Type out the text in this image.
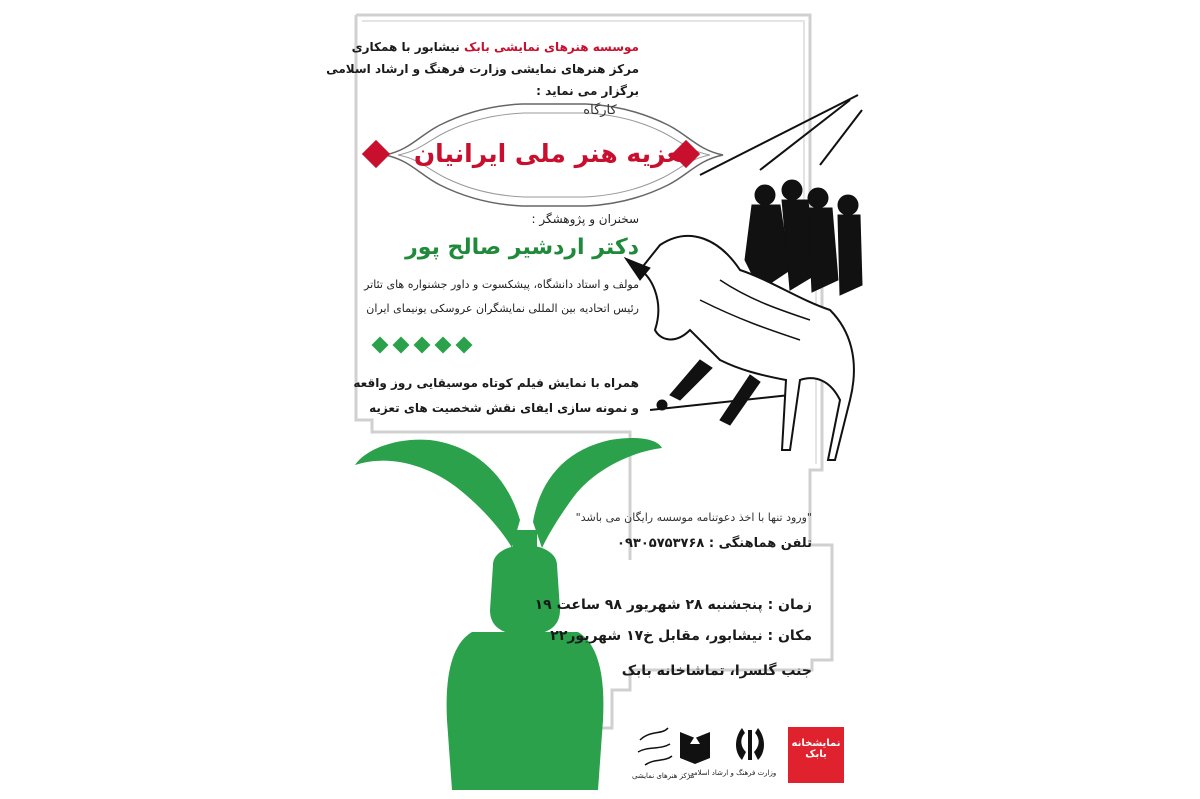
موسسه هنرهای نمایشی بابک نیشابور با همکاری
مرکز هنرهای نمایشی وزارت فرهنگ و ارشاد اسلامی
برگزار می نماید :
کارگاه
تعزیه هنر ملی ایرانیان
سخنران و پژوهشگر :
دکتر اردشیر صالح پور
مولف و استاد دانشگاه، پیشکسوت و داور جشنواره های تئاتر
رئیس اتحادیه بین المللی نمایشگران عروسکی یونیمای ایران
همراه با نمایش فیلم کوتاه موسیقایی روز واقعه
و نمونه سازی ایفای نقش شخصیت های تعزیه
"ورود تنها با اخذ دعوتنامه موسسه رایگان می باشد"
تلفن هماهنگی : ۰۹۳۰۵۷۵۳۷۶۸
زمان : پنجشنبه ۲۸ شهریور ۹۸ ساعت ۱۹
مکان : نیشابور، مقابل خ۱۷ شهریور۲۲
جنب گلسرا، تماشاخانه بابک
نمایشخانه بابک
وزارت فرهنگ و ارشاد اسلامی
مرکز هنرهای نمایشی
